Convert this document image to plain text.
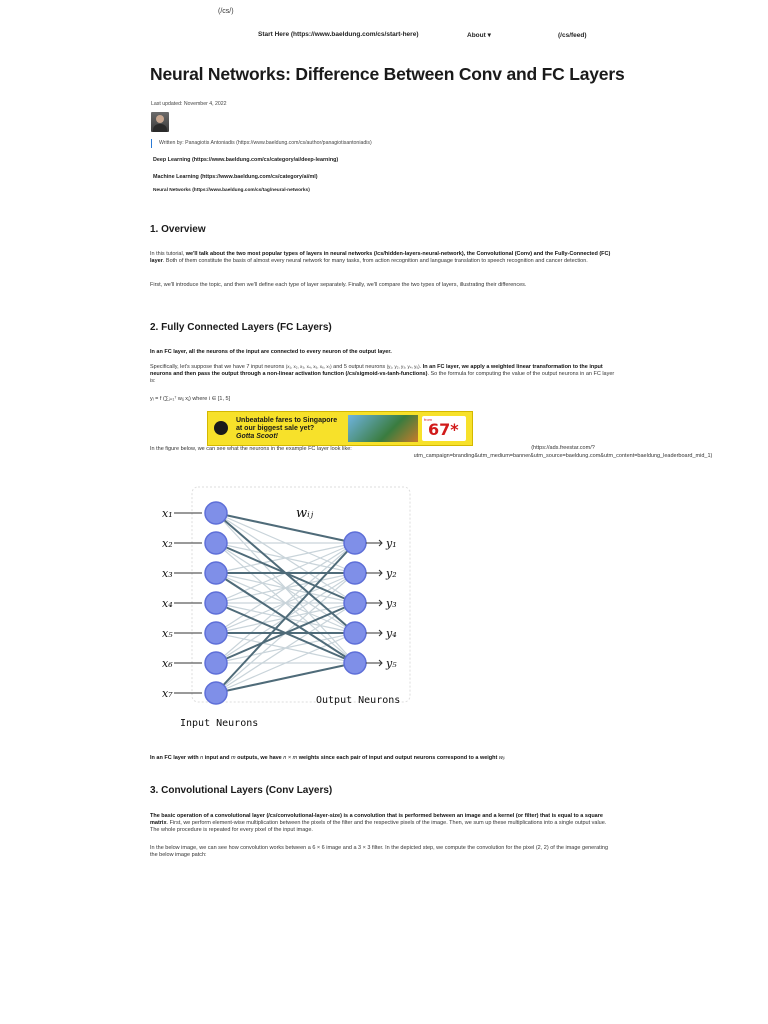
(/cs/)
Start Here (https://www.baeldung.com/cs/start-here)	About ▾	(/cs/feed)
Neural Networks: Difference Between Conv and FC Layers
Last updated: November 4, 2022
Written by: Panagiotis Antoniadis (https://www.baeldung.com/cs/author/panagiotisantoniadis)
Deep Learning (https://www.baeldung.com/cs/category/ai/deep-learning)
Machine Learning (https://www.baeldung.com/cs/category/ai/ml)
Neural Networks (https://www.baeldung.com/cs/tag/neural-networks)
1. Overview

In this tutorial, we'll talk about the two most popular types of layers in neural networks (/cs/hidden-layers-neural-network), the Convolutional (Conv) and the Fully-Connected (FC) layer. Both of them constitute the basis of almost every neural network for many tasks, from action recognition and language translation to speech recognition and cancer detection.

First, we'll introduce the topic, and then we'll define each type of layer separately. Finally, we'll compare the two types of layers, illustrating their differences.

2. Fully Connected Layers (FC Layers)

In an FC layer, all the neurons of the input are connected to every neuron of the output layer.

Specifically, let's suppose that we have 7 input neurons (x₁, x₂, x₃, x₄, x₅, x₆, x₇) and 5 output neurons (y₁, y₂, y₃, y₄, y₅). In an FC layer, we apply a weighted linear transformation to the input neurons and then pass the output through a non-linear activation function (/cs/sigmoid-vs-tanh-functions). So the formula for computing the value of the output neurons in an FC layer is:

yᵢ = f (∑ⱼ₌₁⁷ wᵢⱼ xⱼ) where i ∈ [1, 5]
Unbeatable fares to Singapore
at our biggest sale yet?
Gotta Scoot!
from
67*

In the figure below, we can see what the neurons in the example FC layer look like:	(https://ads.freestar.com/?utm_campaign=branding&utm_medium=banner&utm_source=baeldung.com&utm_content=baeldung_leaderboard_mid_1)
x₁
x₂
x₃
x₄
x₅
x₆
x₇
y₁
y₂
y₃
y₄
y₅
wᵢⱼ
Input Neurons
Output Neurons

In an FC layer with n input and m outputs, we have n × m weights since each pair of input and output neurons correspond to a weight wᵢⱼ

3. Convolutional Layers (Conv Layers)

The basic operation of a convolutional layer (/cs/convolutional-layer-size) is a convolution that is performed between an image and a kernel (or filter) that is equal to a square matrix. First, we perform element-wise multiplication between the pixels of the filter and the respective pixels of the image. Then, we sum up these multiplications into a single output value. The whole procedure is repeated for every pixel of the input image.

In the below image, we can see how convolution works between a 6 × 6 image and a 3 × 3 filter. In the depicted step, we compute the convolution for the pixel (2, 2) of the image generating the below image patch:
